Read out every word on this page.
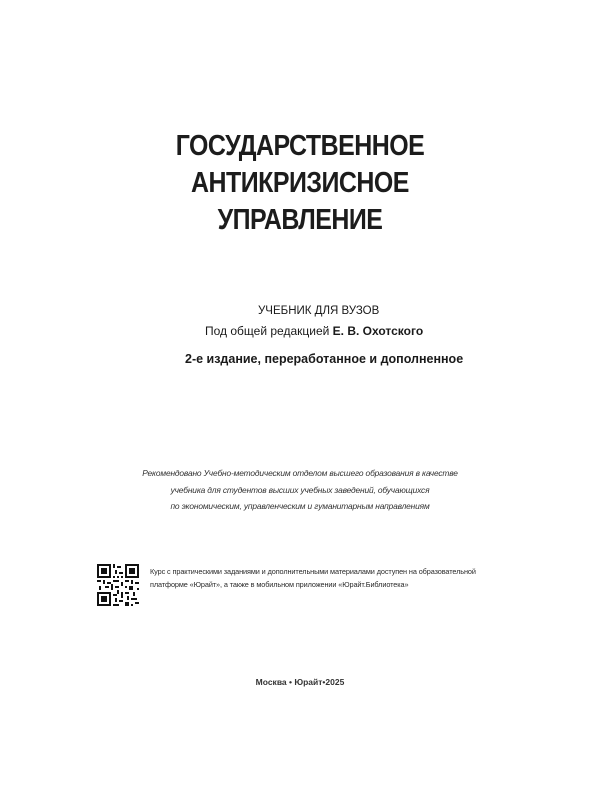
ГОСУДАРСТВЕННОЕ
АНТИКРИЗИСНОЕ
УПРАВЛЕНИЕ
УЧЕБНИК ДЛЯ ВУЗОВ
Под общей редакцией Е. В. Охотского
2-е издание, переработанное и дополненное
Рекомендовано Учебно-методическим отделом высшего образования в качестве
учебника для студентов высших учебных заведений, обучающихся
по экономическим, управленческим и гуманитарным направлениям
Курс с практическими заданиями и дополнительными материалами доступен на образовательной
платформе «Юрайт», а также в мобильном приложении «Юрайт.Библиотека»
Москва • Юрайт•2025
